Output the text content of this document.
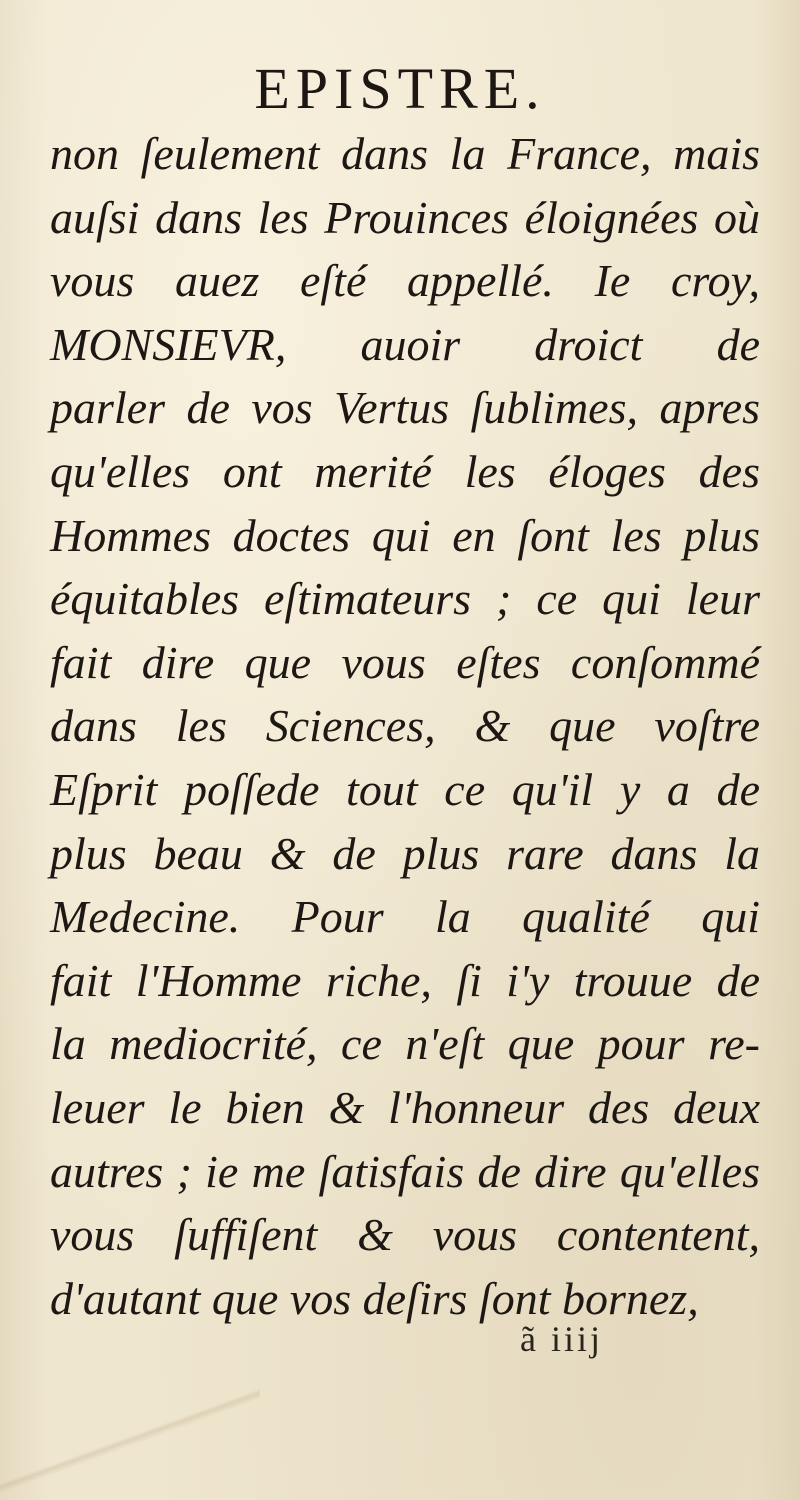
EPISTRE.
non ſeulement dans la France, mais
auſsi dans les Prouinces éloignées où
vous auez eſté appellé. Ie croy,
MONSIEVR, auoir droict de
parler de vos Vertus ſublimes, apres
qu'elles ont merité les éloges des
Hommes doctes qui en ſont les plus
équitables eſtimateurs ; ce qui leur
fait dire que vous eſtes conſommé
dans les Sciences, & que voſtre
Eſprit poſſede tout ce qu'il y a de
plus beau & de plus rare dans la
Medecine. Pour la qualité qui
fait l'Homme riche, ſi i'y trouue de
la mediocrité, ce n'eſt que pour re-
leuer le bien & l'honneur des deux
autres ; ie me ſatisfais de dire qu'elles
vous ſuffiſent & vous contentent,
d'autant que vos deſirs ſont bornez,
ã iiij
